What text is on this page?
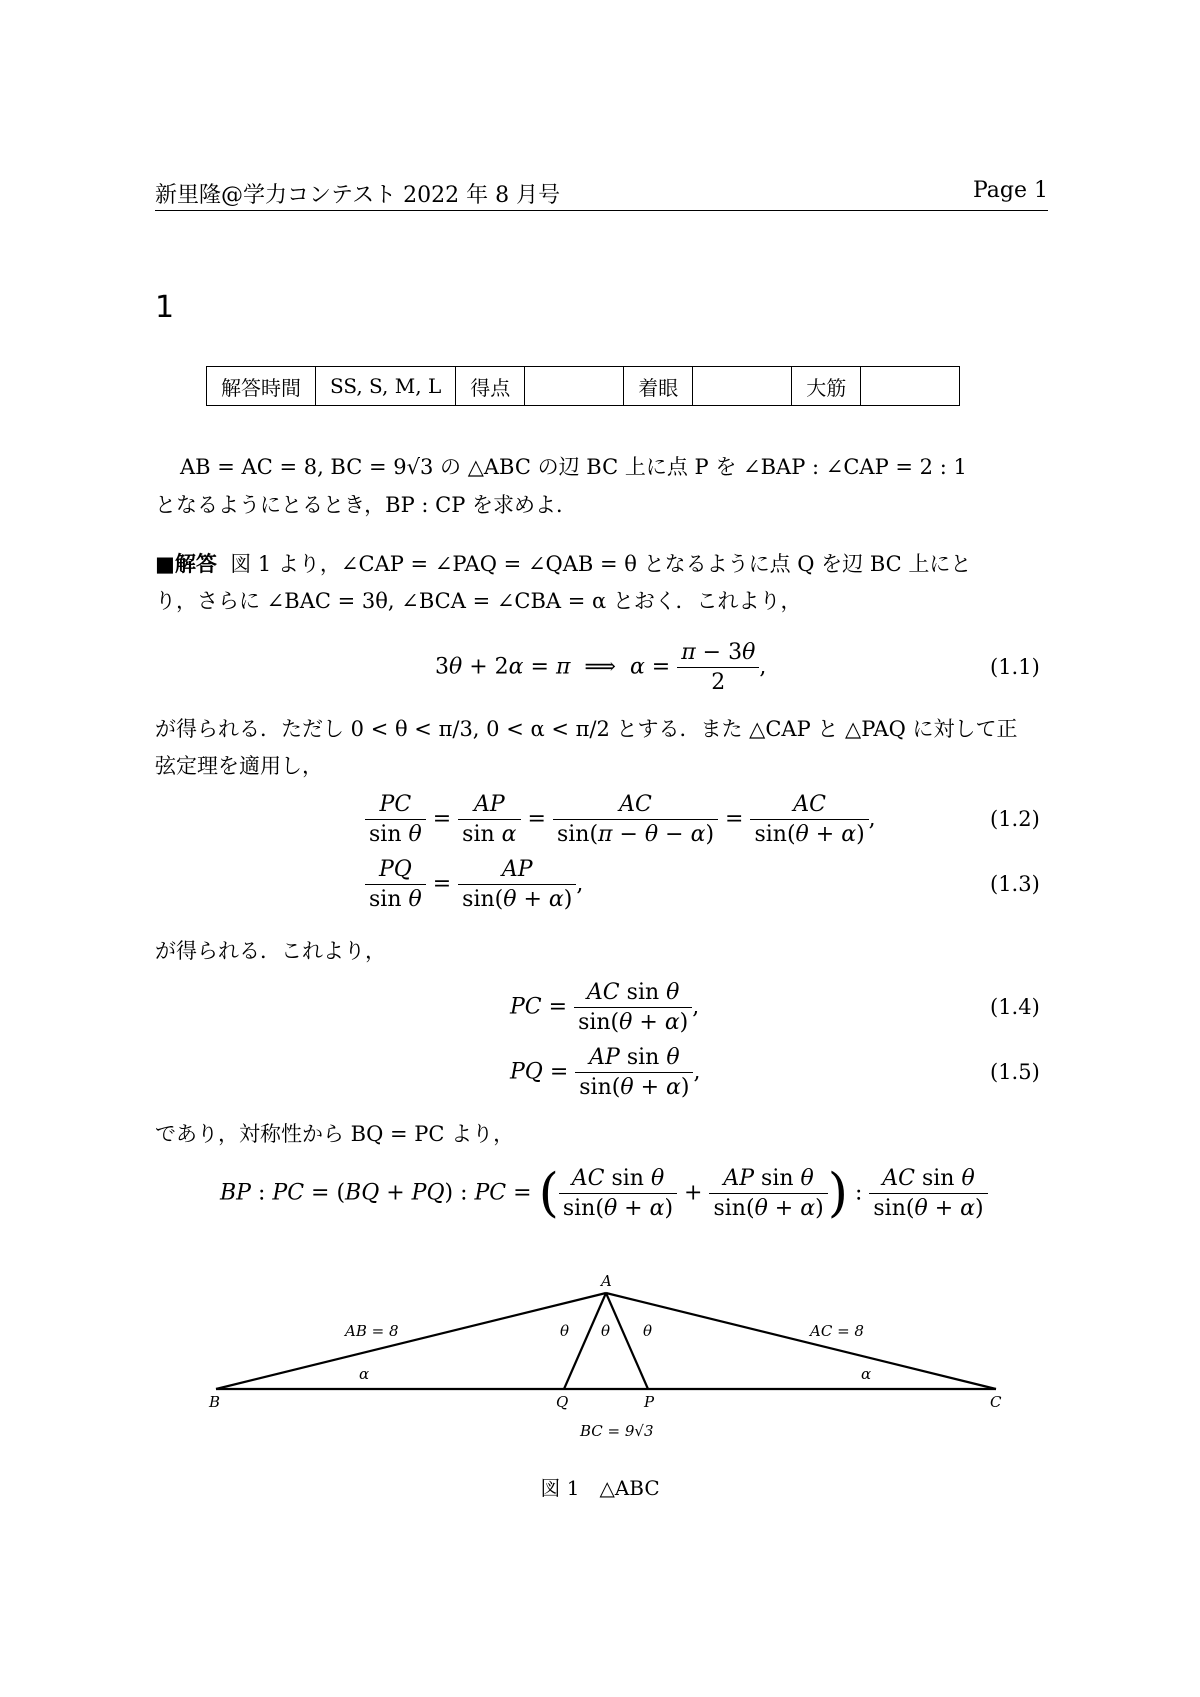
新里隆@学力コンテスト 2022 年 8 月号	Page 1
1
解答時間	SS, S, M, L	得点		着眼		大筋	
AB = AC = 8, BC = 9√3 の △ABC の辺 BC 上に点 P を ∠BAP : ∠CAP = 2 : 1
となるようにとるとき，BP : CP を求めよ．
■解答 図 1 より，∠CAP = ∠PAQ = ∠QAB = θ となるように点 Q を辺 BC 上にと
り，さらに ∠BAC = 3θ, ∠BCA = ∠CBA = α とおく．これより，
3θ + 2α = π  ⟹  $\alpha = \frac{\pi - 3\theta}{2}$ ,	(1.1)
が得られる．ただし 0 < θ < π/3, 0 < α < π/2 とする．また △CAP と △PAQ に対して正
弦定理を適用し，
$\frac{PC}{\text{sin θ}} = \frac{AP}{\text{sin α}} = \frac{AC}{\sin(\pi - \theta - \alpha)} = \frac{AC}{\sin(\theta + \alpha)}$ ,	(1.2)
$\frac{PQ}{\text{sin θ}} = \frac{AP}{\sin(\theta + \alpha)}$ ,	(1.3)
が得られる．これより，
PC = $\frac{\text{AC sin θ}}{\sin(\theta + \alpha)}$ ,	(1.4)
PQ = $\frac{\text{AP sin θ}}{\sin(\theta + \alpha)}$ ,	(1.5)
であり，対称性から BQ = PC より，
BP : PC = (BQ + PQ) : PC = ( $\frac{\text{AC sin θ}}{\sin(\theta + \alpha)} + \frac{\text{AP sin θ}}{\sin(\theta + \alpha)}$ ) : $\frac{\text{AC sin θ}}{\sin(\theta + \alpha)}$
A
B	C
Q	P
AB = 8	AC = 8
BC = 9√3
θ θ θ
α	α
図 1　△ABC
